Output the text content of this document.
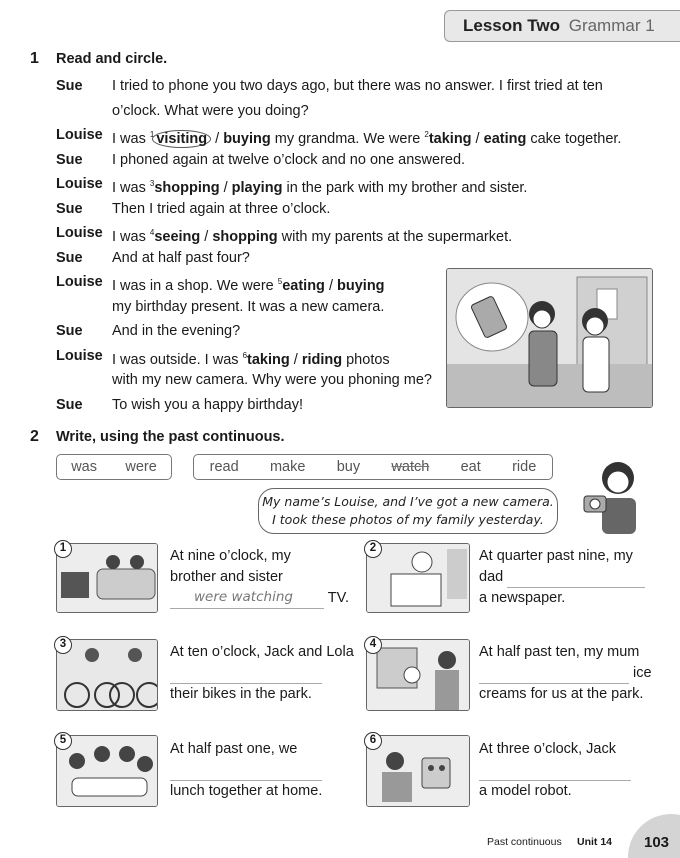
Lesson Two Grammar 1
1 Read and circle.
Sue	I tried to phone you two days ago, but there was no answer. I first tried at ten
o’clock. What were you doing?
Louise I was $^1$ visiting / buying my grandma. We were $^2$taking / eating cake together.
Sue	I phoned again at twelve o’clock and no one answered.
Louise I was $^3$shopping / playing in the park with my brother and sister.
Sue	Then I tried again at three o’clock.
Louise I was $^4$seeing / shopping with my parents at the supermarket.
Sue	And at half past four?
Louise I was in a shop. We were $^5$eating / buying
my birthday present. It was a new camera.
Sue	And in the evening?
Louise I was outside. I was $^6$taking / riding photos
with my new camera. Why were you phoning me?
Sue	To wish you a happy birthday!
2 Write, using the past continuous.
was were	read make buy watch eat ride
My name’s Louise, and I’ve got a new camera.
I took these photos of my family yesterday.
1	2
3	4
5	6
At nine o’clock, my
brother and sister
TV.
were watching
At quarter past nine, my
dad
a newspaper.
At ten o’clock, Jack and Lola
their bikes in the park.
At half past ten, my mum
ice
creams for us at the park.
At half past one, we
lunch together at home.
At three o’clock, Jack
a model robot.
Past continuous Unit 14 103
